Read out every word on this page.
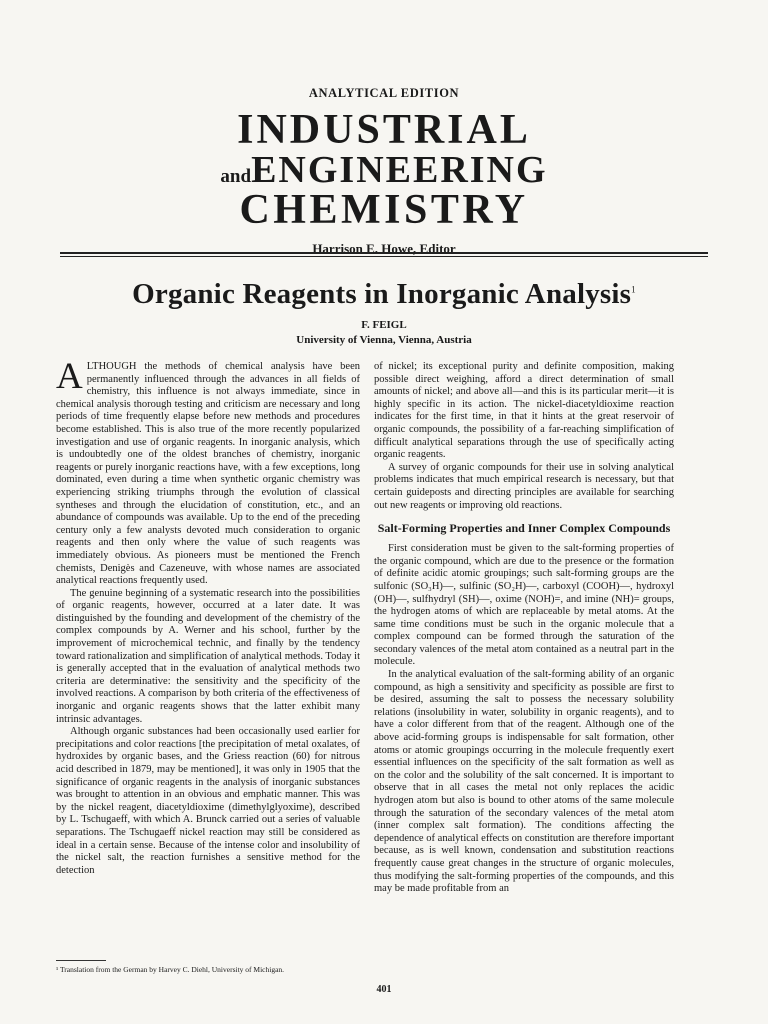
ANALYTICAL EDITION
INDUSTRIAL
andENGINEERING
CHEMISTRY
Harrison E. Howe, Editor
Organic Reagents in Inorganic Analysis$^1$
F. FEIGL
University of Vienna, Vienna, Austria

ALTHOUGH the methods of chemical analysis have been permanently influenced through the advances in all fields of chemistry, this influence is not always immediate, since in chemical analysis thorough testing and criticism are necessary and long periods of time frequently elapse before new methods and procedures become established. This is also true of the more recently popularized investigation and use of organic reagents. In inorganic analysis, which is undoubtedly one of the oldest branches of chemistry, inorganic reagents or purely inorganic reactions have, with a few exceptions, long dominated, even during a time when synthetic organic chemistry was experiencing striking triumphs through the evolution of classical syntheses and through the elucidation of constitution, etc., and an abundance of compounds was available. Up to the end of the preceding century only a few analysts devoted much consideration to organic reagents and then only where the value of such reagents was immediately obvious. As pioneers must be mentioned the French chemists, Denigès and Cazeneuve, with whose names are associated analytical reactions frequently used.

The genuine beginning of a systematic research into the possibilities of organic reagents, however, occurred at a later date. It was distinguished by the founding and development of the chemistry of the complex compounds by A. Werner and his school, further by the improvement of microchemical technic, and finally by the tendency toward rationalization and simplification of analytical methods. Today it is generally accepted that in the evaluation of analytical methods two criteria are determinative: the sensitivity and the specificity of the involved reactions. A comparison by both criteria of the effectiveness of inorganic and organic reagents shows that the latter exhibit many intrinsic advantages.

Although organic substances had been occasionally used earlier for precipitations and color reactions [the precipitation of metal oxalates, of hydroxides by organic bases, and the Griess reaction (60) for nitrous acid described in 1879, may be mentioned], it was only in 1905 that the significance of organic reagents in the analysis of inorganic substances was brought to attention in an obvious and emphatic manner. This was by the nickel reagent, diacetyldioxime (dimethylglyoxime), described by L. Tschugaeff, with which A. Brunck carried out a series of valuable separations. The Tschugaeff nickel reaction may still be considered as ideal in a certain sense. Because of the intense color and insolubility of the nickel salt, the reaction furnishes a sensitive method for the detection

of nickel; its exceptional purity and definite composition, making possible direct weighing, afford a direct determination of small amounts of nickel; and above all—and this is its particular merit—it is highly specific in its action. The nickel-diacetyldioxime reaction indicates for the first time, in that it hints at the great reservoir of organic compounds, the possibility of a far-reaching simplification of difficult analytical separations through the use of specifically acting organic reagents.

A survey of organic compounds for their use in solving analytical problems indicates that much empirical research is necessary, but that certain guideposts and directing principles are available for searching out new reagents or improving old reactions.

Salt-Forming Properties and Inner Complex Compounds

First consideration must be given to the salt-forming properties of the organic compound, which are due to the presence or the formation of definite acidic atomic groupings; such salt-forming groups are the sulfonic (SO₃H)—, sulfinic (SO₂H)—, carboxyl (COOH)—, hydroxyl (OH)—, sulfhydryl (SH)—, oxime (NOH)=, and imine (NH)= groups, the hydrogen atoms of which are replaceable by metal atoms. At the same time conditions must be such in the organic molecule that a complex compound can be formed through the saturation of the secondary valences of the metal atom contained as a neutral part in the molecule.

In the analytical evaluation of the salt-forming ability of an organic compound, as high a sensitivity and specificity as possible are first to be desired, assuming the salt to possess the necessary solubility relations (insolubility in water, solubility in organic reagents), and to have a color different from that of the reagent. Although one of the above acid-forming groups is indispensable for salt formation, other atoms or atomic groupings occurring in the molecule frequently exert essential influences on the specificity of the salt formation as well as on the color and the solubility of the salt concerned. It is important to observe that in all cases the metal not only replaces the acidic hydrogen atom but also is bound to other atoms of the same molecule through the saturation of the secondary valences of the metal atom (inner complex salt formation). The conditions affecting the dependence of analytical effects on constitution are therefore important because, as is well known, condensation and substitution reactions frequently cause great changes in the structure of organic molecules, thus modifying the salt-forming properties of the compounds, and this may be made profitable from an

¹ Translation from the German by Harvey C. Diehl, University of Michigan.
401
